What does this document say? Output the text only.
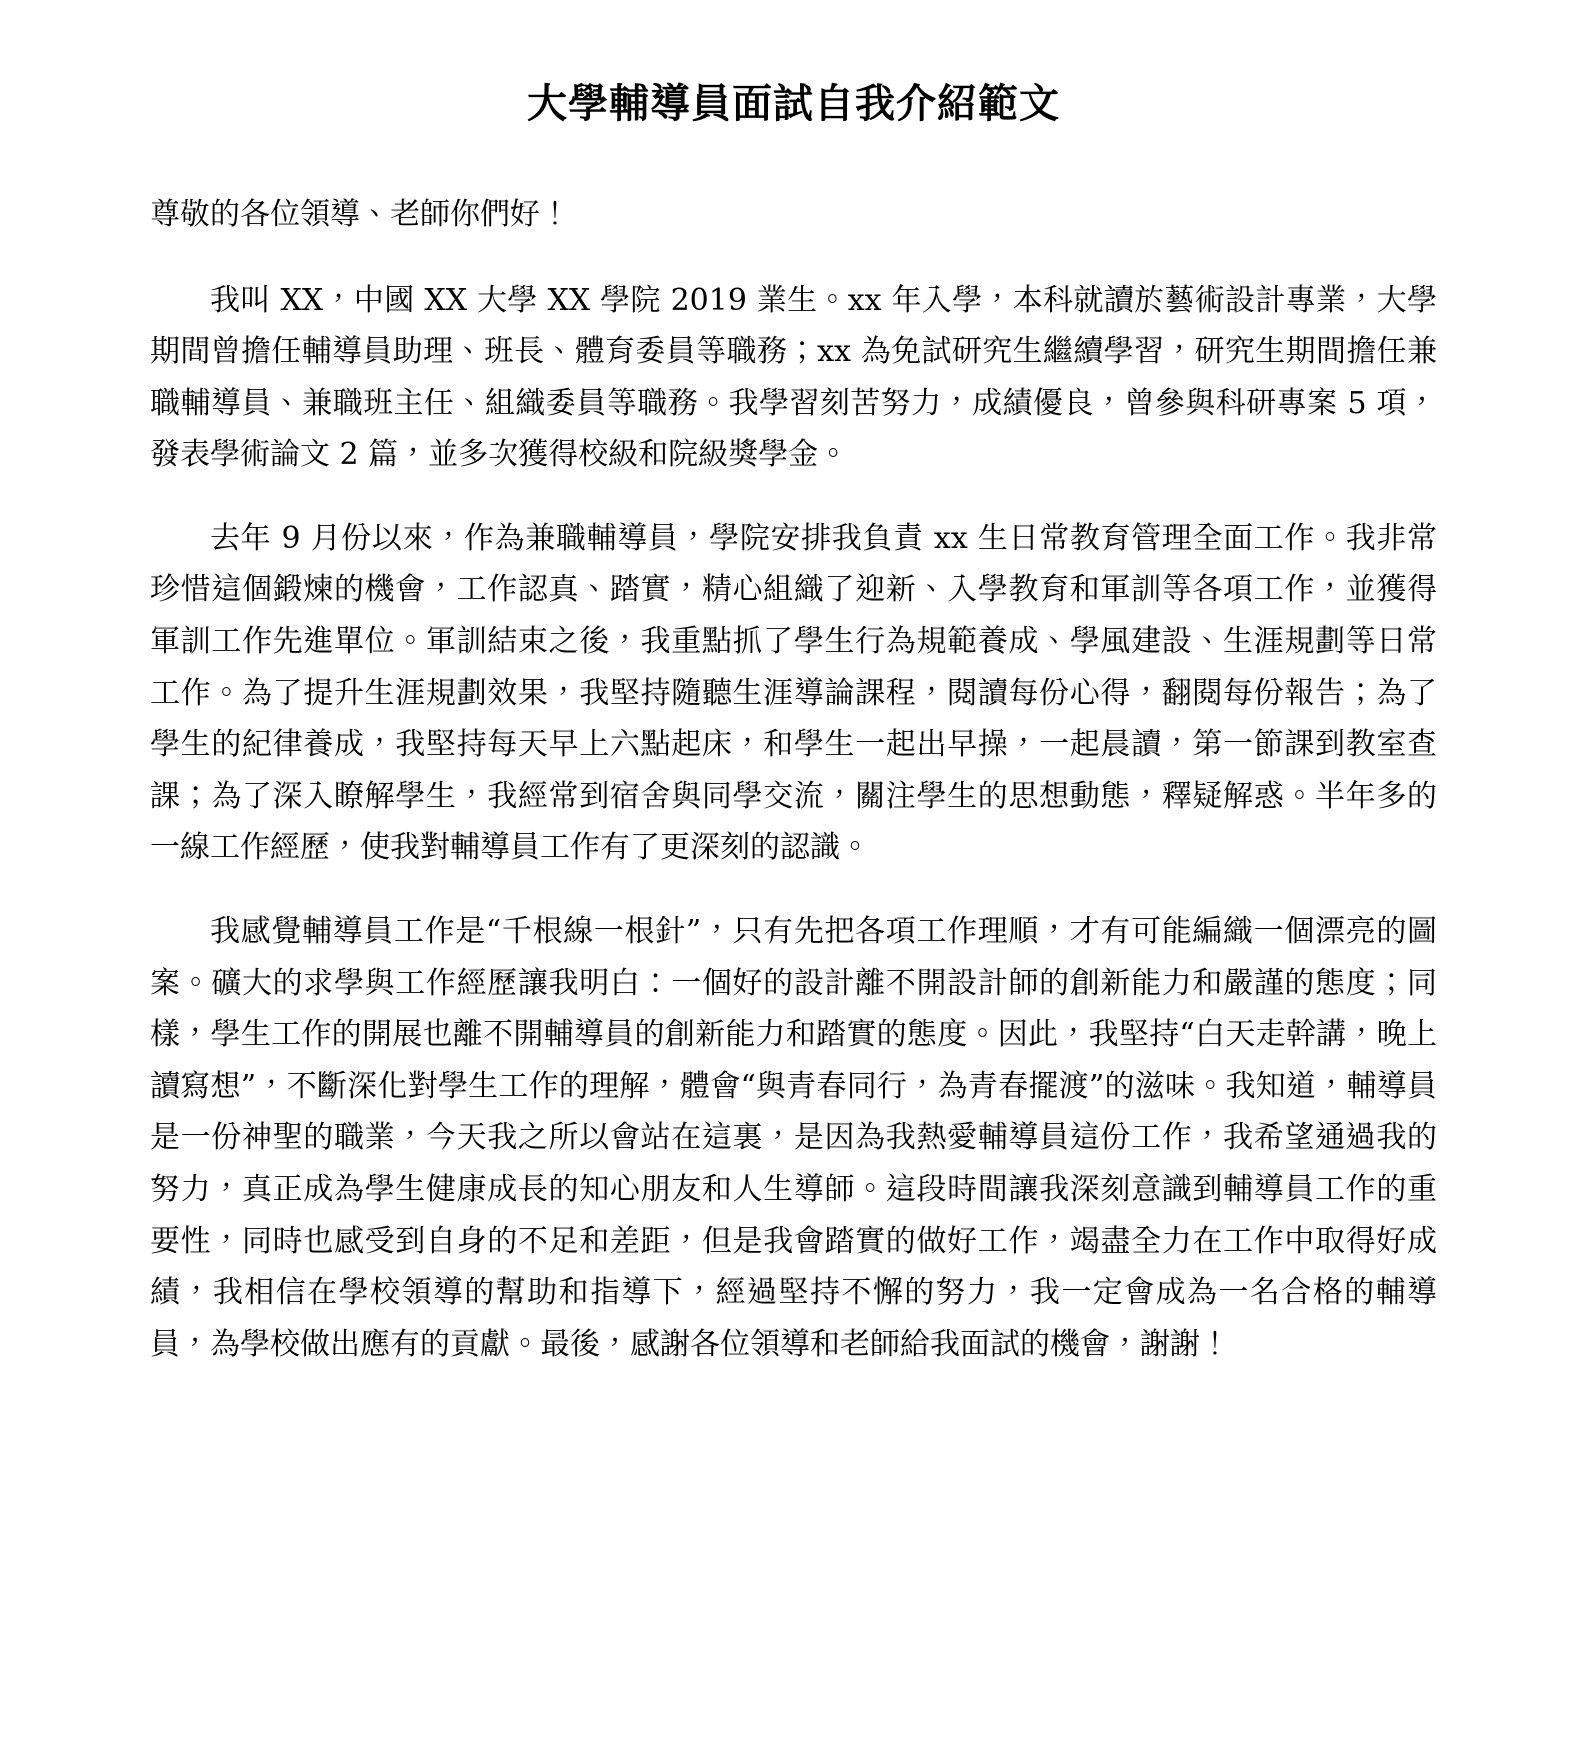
大學輔導員面試自我介紹範文

尊敬的各位領導、老師你們好！

我叫 XX，中國 XX 大學 XX 學院 2019 業生。xx 年入學，本科就讀於藝術設計專業，大學期間曾擔任輔導員助理、班長、體育委員等職務；xx 為免試研究生繼續學習，研究生期間擔任兼職輔導員、兼職班主任、組織委員等職務。我學習刻苦努力，成績優良，曾參與科研專案 5 項，發表學術論文 2 篇，並多次獲得校級和院級獎學金。

去年 9 月份以來，作為兼職輔導員，學院安排我負責 xx 生日常教育管理全面工作。我非常珍惜這個鍛煉的機會，工作認真、踏實，精心組織了迎新、入學教育和軍訓等各項工作，並獲得軍訓工作先進單位。軍訓結束之後，我重點抓了學生行為規範養成、學風建設、生涯規劃等日常工作。為了提升生涯規劃效果，我堅持隨聽生涯導論課程，閱讀每份心得，翻閱每份報告；為了學生的紀律養成，我堅持每天早上六點起床，和學生一起出早操，一起晨讀，第一節課到教室查課；為了深入瞭解學生，我經常到宿舍與同學交流，關注學生的思想動態，釋疑解惑。半年多的一線工作經歷，使我對輔導員工作有了更深刻的認識。

我感覺輔導員工作是“千根線一根針”，只有先把各項工作理順，才有可能編織一個漂亮的圖案。礦大的求學與工作經歷讓我明白：一個好的設計離不開設計師的創新能力和嚴謹的態度；同樣，學生工作的開展也離不開輔導員的創新能力和踏實的態度。因此，我堅持“白天走幹講，晚上讀寫想”，不斷深化對學生工作的理解，體會“與青春同行，為青春擺渡”的滋味。我知道，輔導員是一份神聖的職業，今天我之所以會站在這裏，是因為我熱愛輔導員這份工作，我希望通過我的努力，真正成為學生健康成長的知心朋友和人生導師。這段時間讓我深刻意識到輔導員工作的重要性，同時也感受到自身的不足和差距，但是我會踏實的做好工作，竭盡全力在工作中取得好成績，我相信在學校領導的幫助和指導下，經過堅持不懈的努力，我一定會成為一名合格的輔導員，為學校做出應有的貢獻。最後，感謝各位領導和老師給我面試的機會，謝謝！
